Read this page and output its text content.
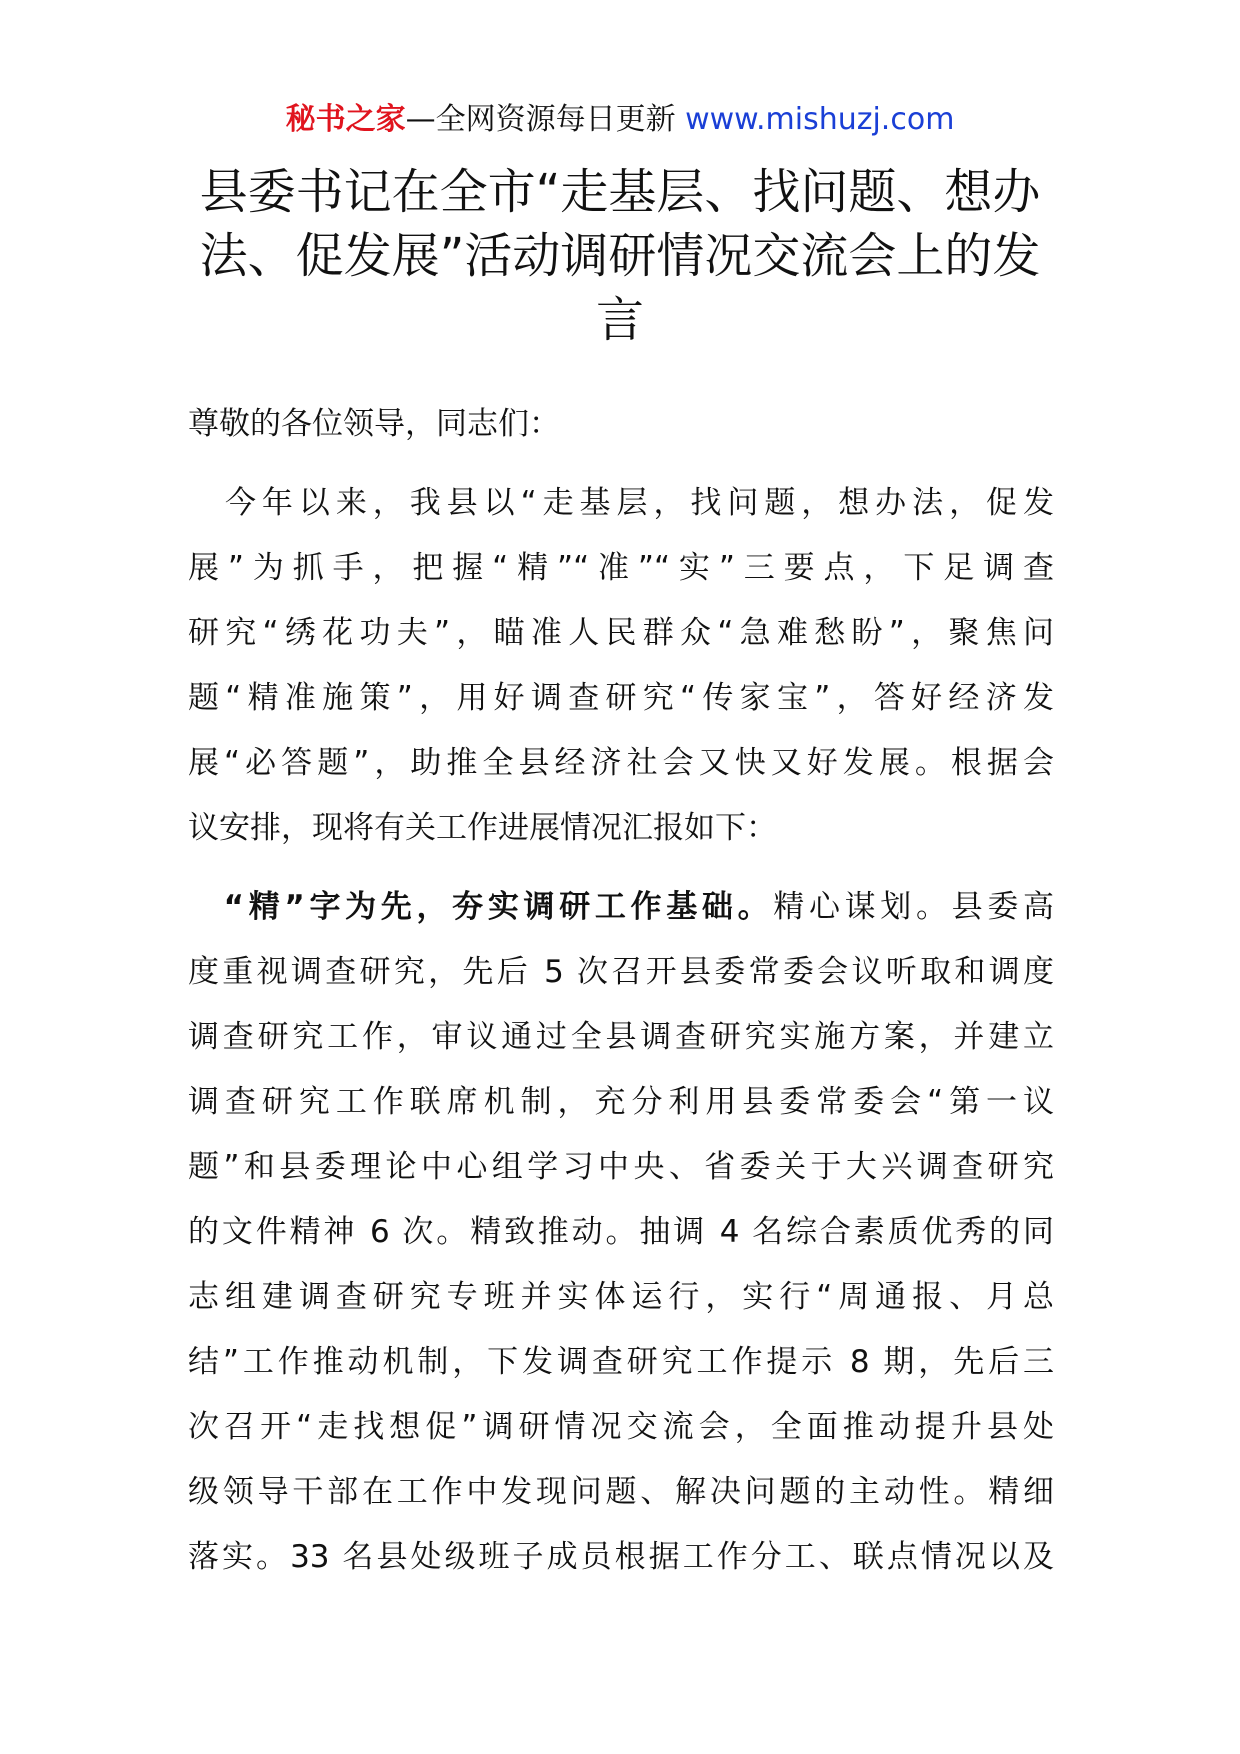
秘书之家—全网资源每日更新 www.mishuzj.com
县委书记在全市“走基层、找问题、想办
法、促发展”活动调研情况交流会上的发
言
尊敬的各位领导，同志们：
　今年以来，我县以“走基层，找问题，想办法，促发
展”为抓手，把握“精”“准”“实”三要点，下足调查
研究“绣花功夫”，瞄准人民群众“急难愁盼”，聚焦问
题“精准施策”，用好调查研究“传家宝”，答好经济发
展“必答题”，助推全县经济社会又快又好发展。根据会
议安排，现将有关工作进展情况汇报如下：
　“精”字为先，夯实调研工作基础。精心谋划。县委高
度重视调查研究，先后 5 次召开县委常委会议听取和调度
调查研究工作，审议通过全县调查研究实施方案，并建立
调查研究工作联席机制，充分利用县委常委会“第一议
题”和县委理论中心组学习中央、省委关于大兴调查研究
的文件精神 6 次。精致推动。抽调 4 名综合素质优秀的同
志组建调查研究专班并实体运行，实行“周通报、月总
结”工作推动机制，下发调查研究工作提示 8 期，先后三
次召开“走找想促”调研情况交流会，全面推动提升县处
级领导干部在工作中发现问题、解决问题的主动性。精细
落实。33 名县处级班子成员根据工作分工、联点情况以及
